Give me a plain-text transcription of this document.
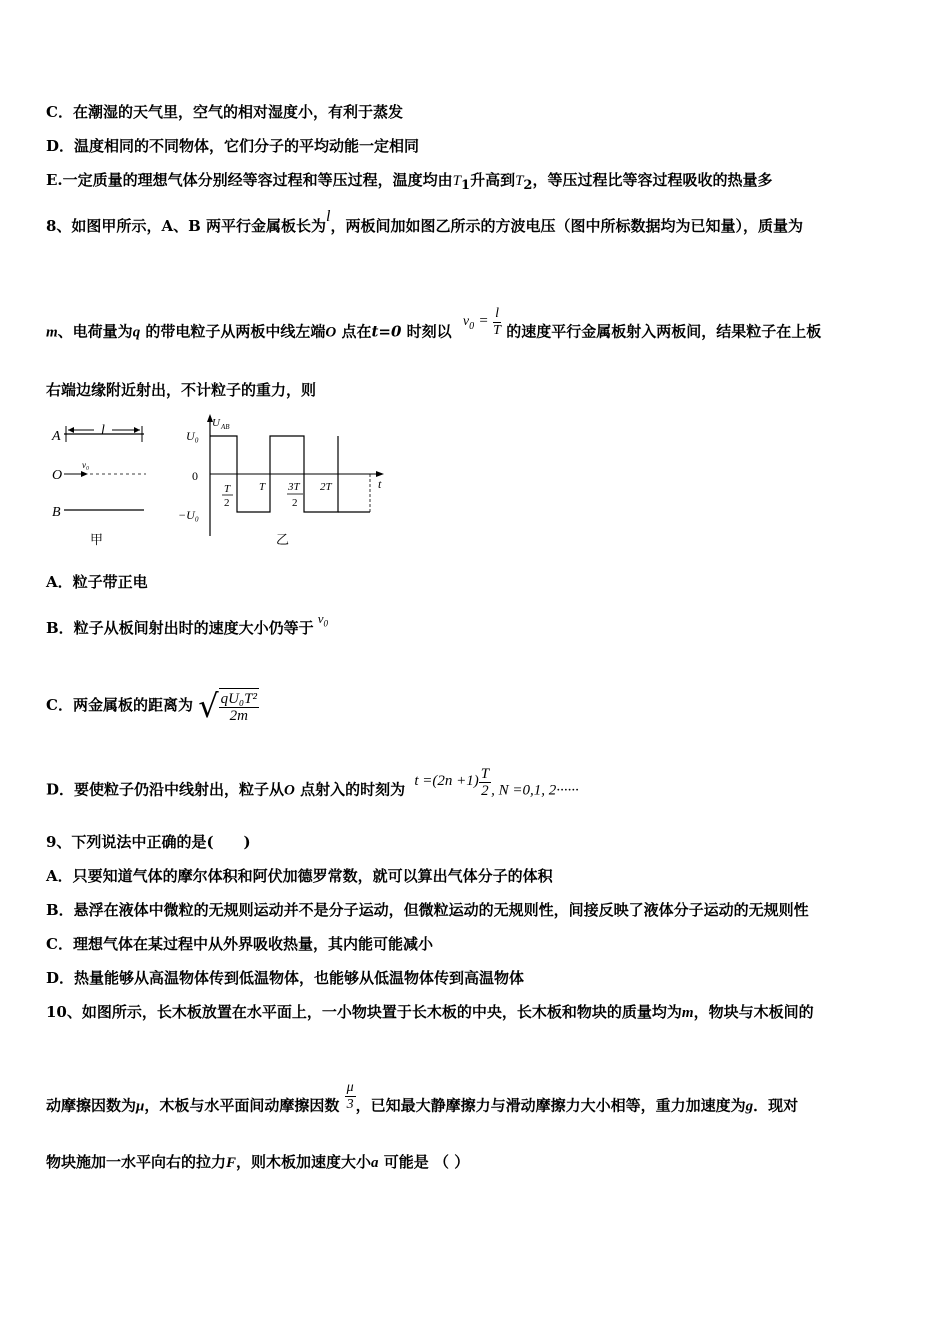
C．在潮湿的天气里，空气的相对湿度小，有利于蒸发
D．温度相同的不同物体，它们分子的平均动能一定相同
E.一定质量的理想气体分别经等容过程和等压过程，温度均由$T_1$升高到$T_2$，等压过程比等容过程吸收的热量多
8、如图甲所示，A、B 两平行金属板长为l，两板间加如图乙所示的方波电压（图中所标数据均为已知量），质量为
m、电荷量为q 的带电粒子从两板中线左端O 点在t=0 时刻以 $v_0 = \frac{l}{T}$ 的速度平行金属板射入两板间，结果粒子在上板
右端边缘附近射出，不计粒子的重力，则
A	l
O
v₀
B
甲
U AB
t
U₀
0
−U₀
T
2
T 3T
2
2T
乙
A．粒子带正电
B．粒子从板间射出时的速度大小仍等于$v_0$
C．两金属板的距离为 √ $\frac{\text{qU₀T²}}{2m}$
D．要使粒子仍沿中线射出，粒子从O 点射入的时刻为 $t =(2n +1) \frac{T}{2}$ , N =0,1, 2······
9、下列说法中正确的是(　　)
A．只要知道气体的摩尔体积和阿伏加德罗常数，就可以算出气体分子的体积
B．悬浮在液体中微粒的无规则运动并不是分子运动，但微粒运动的无规则性，间接反映了液体分子运动的无规则性
C．理想气体在某过程中从外界吸收热量，其内能可能减小
D．热量能够从高温物体传到低温物体，也能够从低温物体传到高温物体
10、如图所示，长木板放置在水平面上，一小物块置于长木板的中央，长木板和物块的质量均为m，物块与木板间的
动摩擦因数为μ，木板与水平面间动摩擦因数 $\frac{\mu}{3}$ ，已知最大静摩擦力与滑动摩擦力大小相等，重力加速度为g．现对
物块施加一水平向右的拉力F，则木板加速度大小a 可能是 （ ）
